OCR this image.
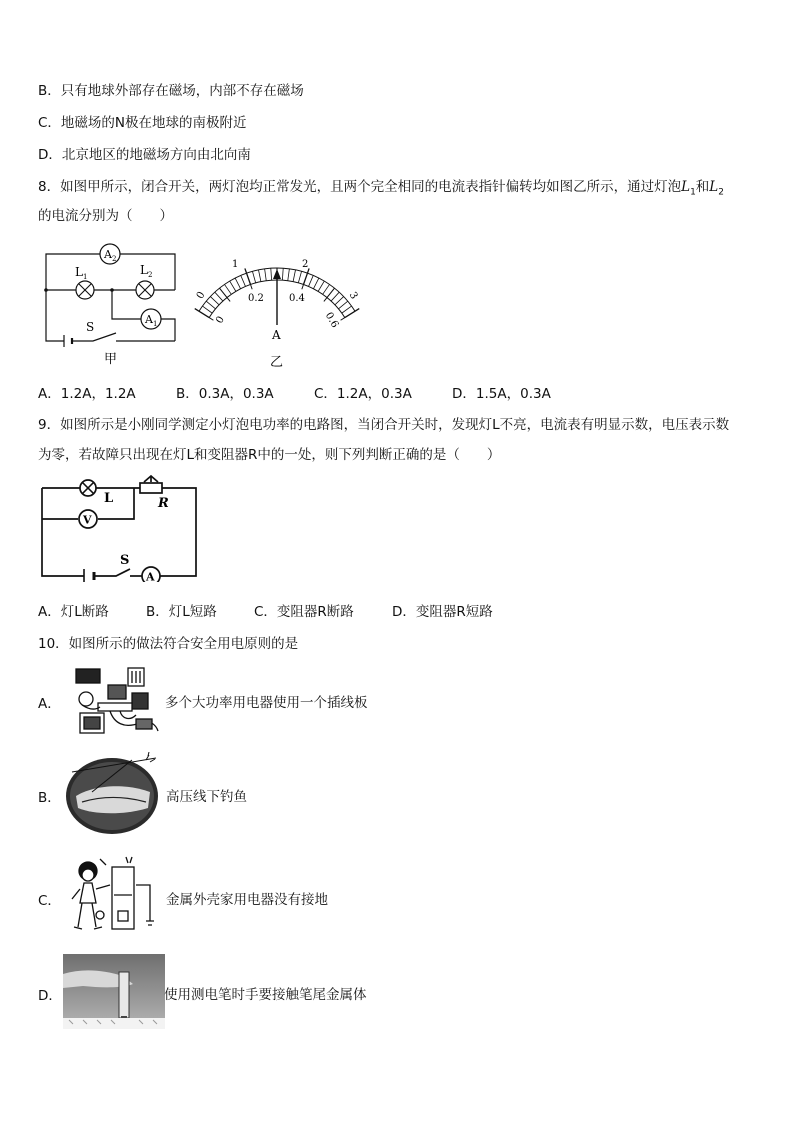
B．只有地球外部存在磁场，内部不存在磁场
C．地磁场的N极在地球的南极附近
D．北京地区的地磁场方向由北向南
8．如图甲所示，闭合开关，两灯泡均正常发光，且两个完全相同的电流表指针偏转均如图乙所示，通过灯泡$L_1$和$L_2$
的电流分别为（　　）
A 2
L 1	L 2
A 1
S
甲
0
1	2
3
0
0.2	0.4
0.6
A
乙
A．1.2A，1.2A	B．0.3A，0.3A	C．1.2A，0.3A	D．1.5A，0.3A
9．如图所示是小刚同学测定小灯泡电功率的电路图，当闭合开关时，发现灯L不亮，电流表有明显示数，电压表示数
为零，若故障只出现在灯L和变阻器R中的一处，则下列判断正确的是（　　）
L	R
V
A
S
A．灯L断路	B．灯L短路	C．变阻器R断路	D．变阻器R短路
10．如图所示的做法符合安全用电原则的是
A．	多个大功率用电器使用一个插线板
B．	高压线下钓鱼
C．	金属外壳家用电器没有接地
D．	使用测电笔时手要接触笔尾金属体
